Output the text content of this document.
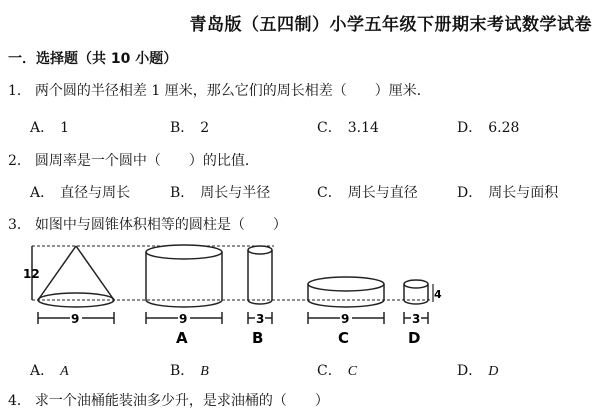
青岛版（五四制）小学五年级下册期末考试数学试卷
一．选择题（共 10 小题）
1． 两个圆的半径相差 1 厘米，那么它们的周长相差（　　）厘米．
A． 1	B． 2	C． 3.14	D． 6.28
2． 圆周率是一个圆中（　　）的比值．
A． 直径与周长	B． 周长与半径	C． 周长与直径	D． 周长与面积
3． 如图中与圆锥体积相等的圆柱是（　　）
12
9	9
A
3
B
9
C
4
3
D
A． A	B． B	C． C	D． D
4． 求一个油桶能装油多少升，是求油桶的（　　）
